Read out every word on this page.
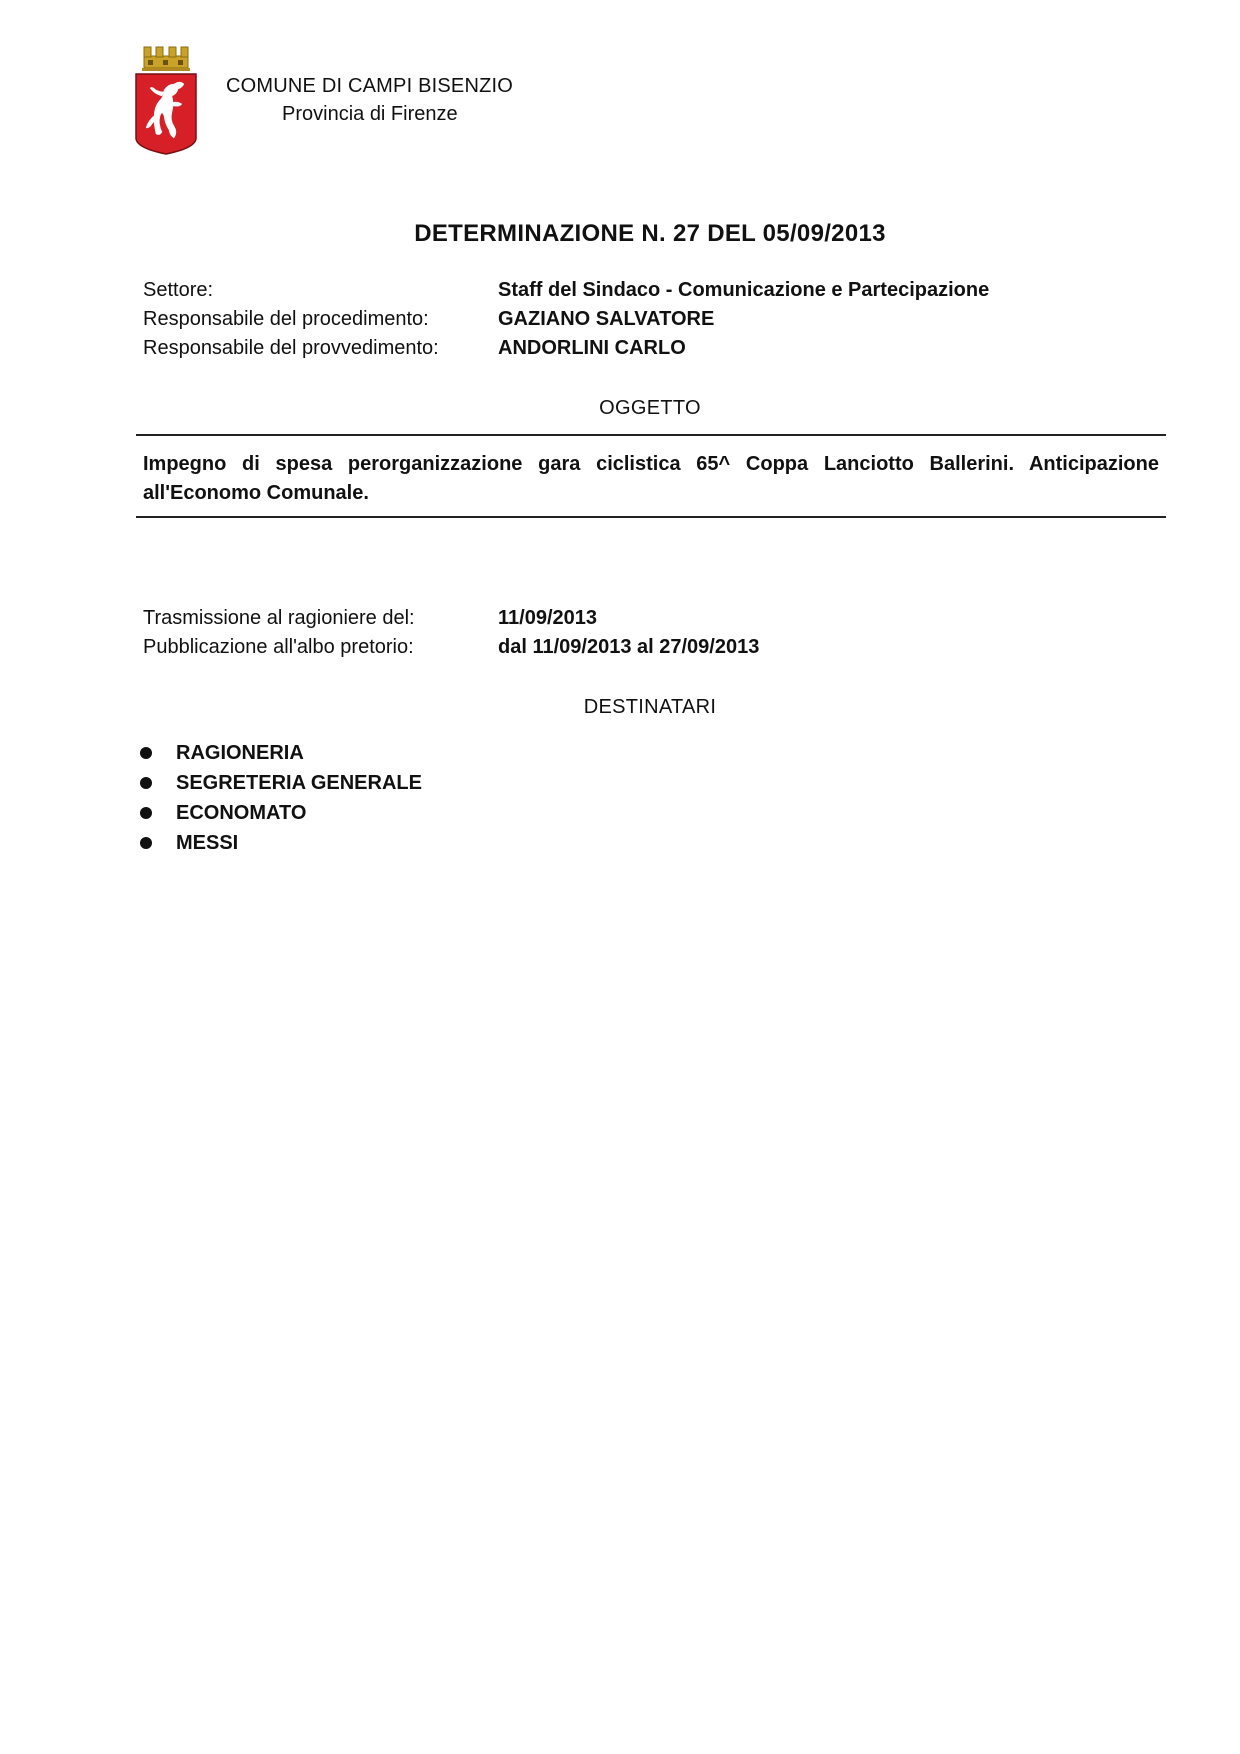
COMUNE DI CAMPI BISENZIO
Provincia di Firenze
DETERMINAZIONE N. 27 DEL 05/09/2013
Settore:	Staff del Sindaco - Comunicazione e Partecipazione
Responsabile del procedimento:	GAZIANO SALVATORE
Responsabile del provvedimento:	ANDORLINI CARLO
OGGETTO
Impegno di spesa perorganizzazione gara ciclistica 65^ Coppa Lanciotto Ballerini. Anticipazione all'Economo Comunale.
Trasmissione al ragioniere del:	11/09/2013
Pubblicazione all'albo pretorio:	dal 11/09/2013 al 27/09/2013
DESTINATARI
RAGIONERIA
SEGRETERIA GENERALE
ECONOMATO
MESSI
